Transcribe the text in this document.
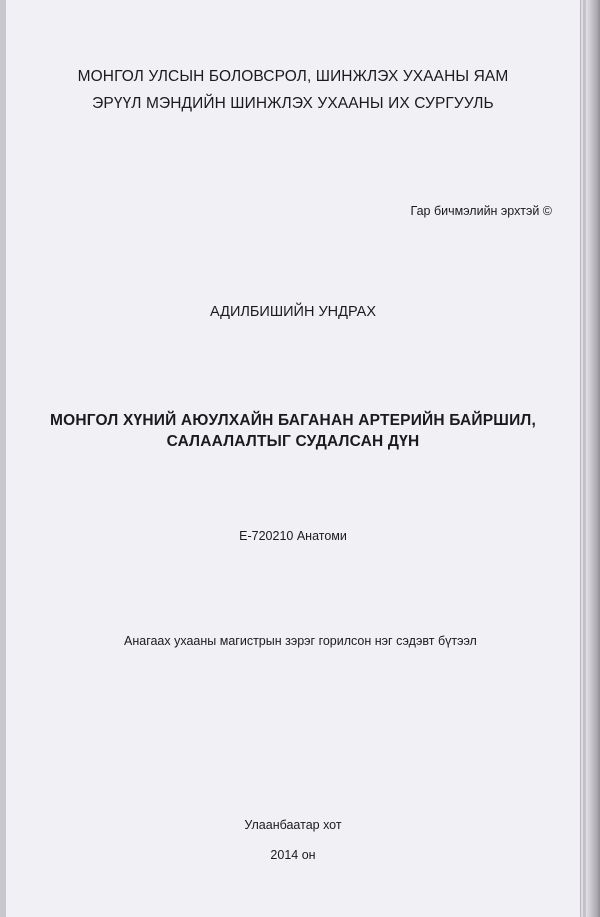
МОНГОЛ УЛСЫН БОЛОВСРОЛ, ШИНЖЛЭХ УХААНЫ ЯАМ
ЭРҮҮЛ МЭНДИЙН ШИНЖЛЭХ УХААНЫ ИХ СУРГУУЛЬ
Гар бичмэлийн эрхтэй ©
АДИЛБИШИЙН УНДРАХ
МОНГОЛ ХҮНИЙ АЮУЛХАЙН БАГАНАН АРТЕРИЙН БАЙРШИЛ,
САЛААЛАЛТЫГ СУДАЛСАН ДҮН
Е-720210 Анатоми
Анагаах ухааны магистрын зэрэг горилсон нэг сэдэвт бүтээл
Улаанбаатар хот
2014 он
